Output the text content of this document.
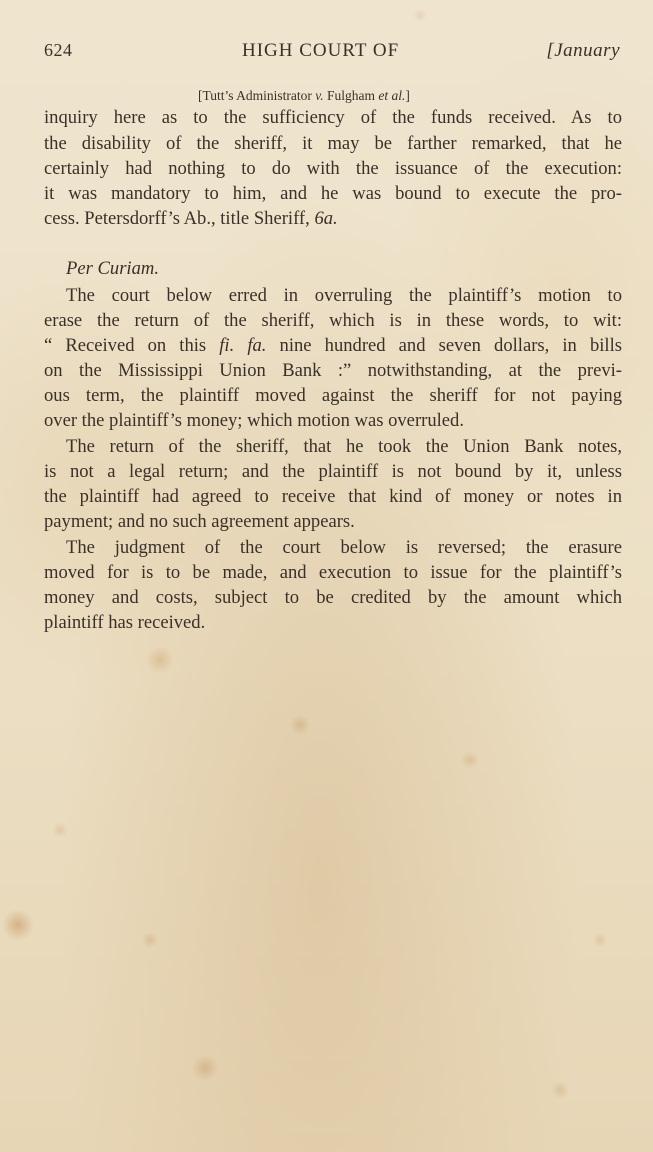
624	HIGH COURT OF	[January
[Tutt’s Administrator v. Fulgham et al.]
inquiry here as to the sufficiency of the funds received. As to
the disability of the sheriff, it may be farther remarked, that he
certainly had nothing to do with the issuance of the execution:
it was mandatory to him, and he was bound to execute the pro-
cess. Petersdorff’s Ab., title Sheriff, 6a.
Per Curiam.
The court below erred in overruling the plaintiff’s motion to
erase the return of the sheriff, which is in these words, to wit:
“ Received on this fi. fa. nine hundred and seven dollars, in bills
on the Mississippi Union Bank :” notwithstanding, at the previ-
ous term, the plaintiff moved against the sheriff for not paying
over the plaintiff’s money; which motion was overruled.
The return of the sheriff, that he took the Union Bank notes,
is not a legal return; and the plaintiff is not bound by it, unless
the plaintiff had agreed to receive that kind of money or notes in
payment; and no such agreement appears.
The judgment of the court below is reversed; the erasure
moved for is to be made, and execution to issue for the plaintiff’s
money and costs, subject to be credited by the amount which
plaintiff has received.
